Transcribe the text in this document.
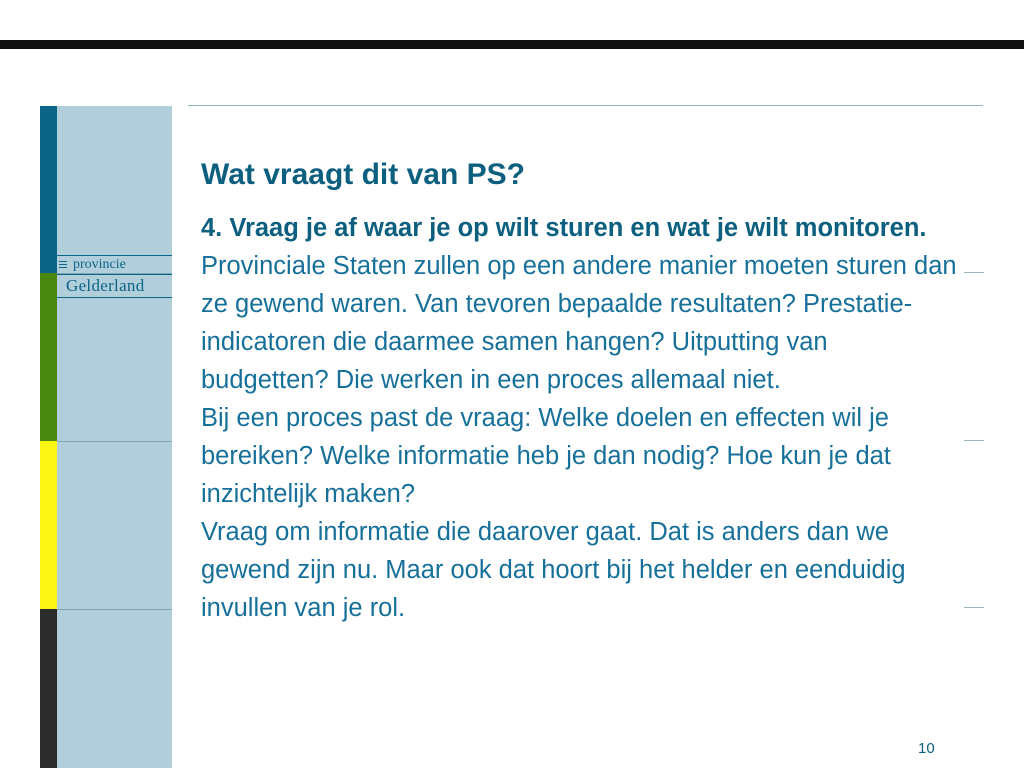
provincie
Gelderland
Wat vraagt dit van PS?

4. Vraag je af waar je op wilt sturen en wat je wilt monitoren.

Provinciale Staten zullen op een andere manier moeten sturen dan ze gewend waren. Van tevoren bepaalde resultaten? Prestatie-indicatoren die daarmee samen hangen? Uitputting van budgetten? Die werken in een proces allemaal niet.

Bij een proces past de vraag: Welke doelen en effecten wil je bereiken? Welke informatie heb je dan nodig? Hoe kun je dat inzichtelijk maken?

Vraag om informatie die daarover gaat. Dat is anders dan we gewend zijn nu. Maar ook dat hoort bij het helder en eenduidig invullen van je rol.

10
